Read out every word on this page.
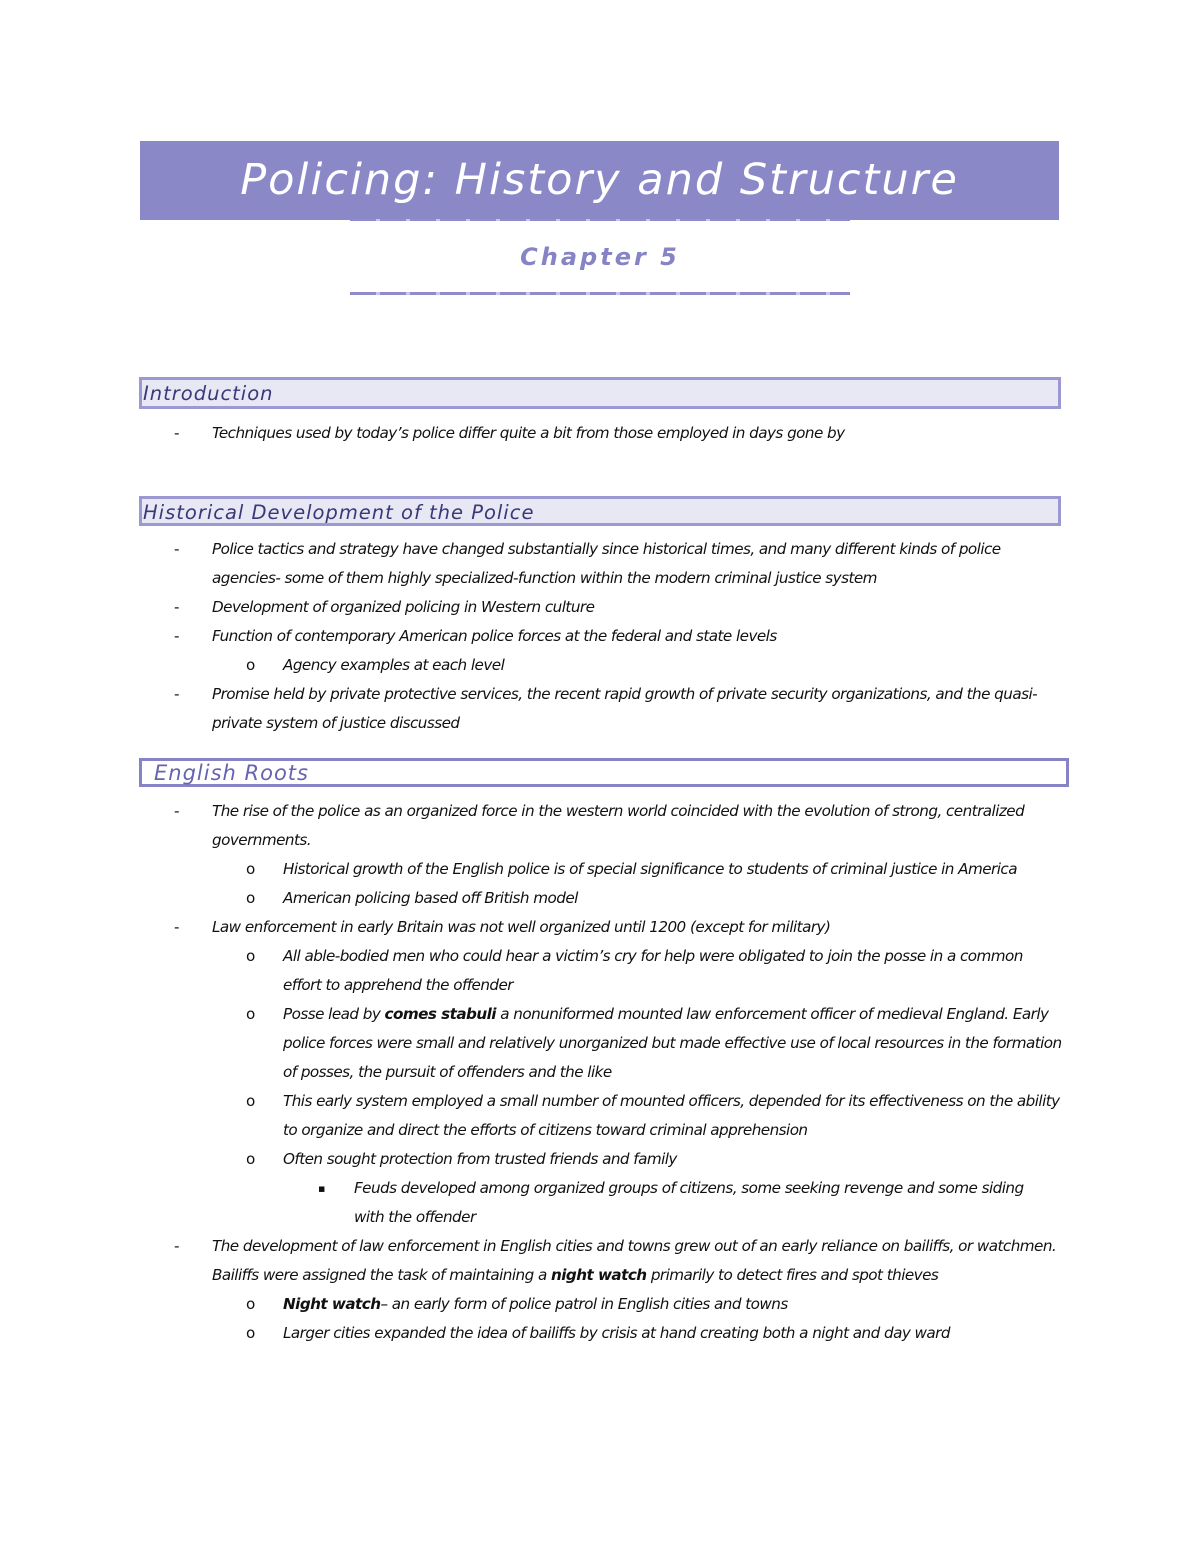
Policing: History and Structure
Chapter 5
Introduction
- Techniques used by today’s police differ quite a bit from those employed in days gone by
Historical Development of the Police
- Police tactics and strategy have changed substantially since historical times, and many different kinds of police agencies- some of them highly specialized-function within the modern criminal justice system
- Development of organized policing in Western culture
- Function of contemporary American police forces at the federal and state levels
o Agency examples at each level
- Promise held by private protective services, the recent rapid growth of private security organizations, and the quasi-private system of justice discussed
English Roots
- The rise of the police as an organized force in the western world coincided with the evolution of strong, centralized governments.
o Historical growth of the English police is of special significance to students of criminal justice in America
o American policing based off British model
- Law enforcement in early Britain was not well organized until 1200 (except for military)
o All able-bodied men who could hear a victim’s cry for help were obligated to join the posse in a common effort to apprehend the offender
o Posse lead by comes stabuli a nonuniformed mounted law enforcement officer of medieval England. Early police forces were small and relatively unorganized but made effective use of local resources in the formation of posses, the pursuit of offenders and the like
o This early system employed a small number of mounted officers, depended for its effectiveness on the ability to organize and direct the efforts of citizens toward criminal apprehension
o Often sought protection from trusted friends and family
▪ Feuds developed among organized groups of citizens, some seeking revenge and some siding with the offender
- The development of law enforcement in English cities and towns grew out of an early reliance on bailiffs, or watchmen. Bailiffs were assigned the task of maintaining a night watch primarily to detect fires and spot thieves
o Night watch– an early form of police patrol in English cities and towns
o Larger cities expanded the idea of bailiffs by crisis at hand creating both a night and day ward
